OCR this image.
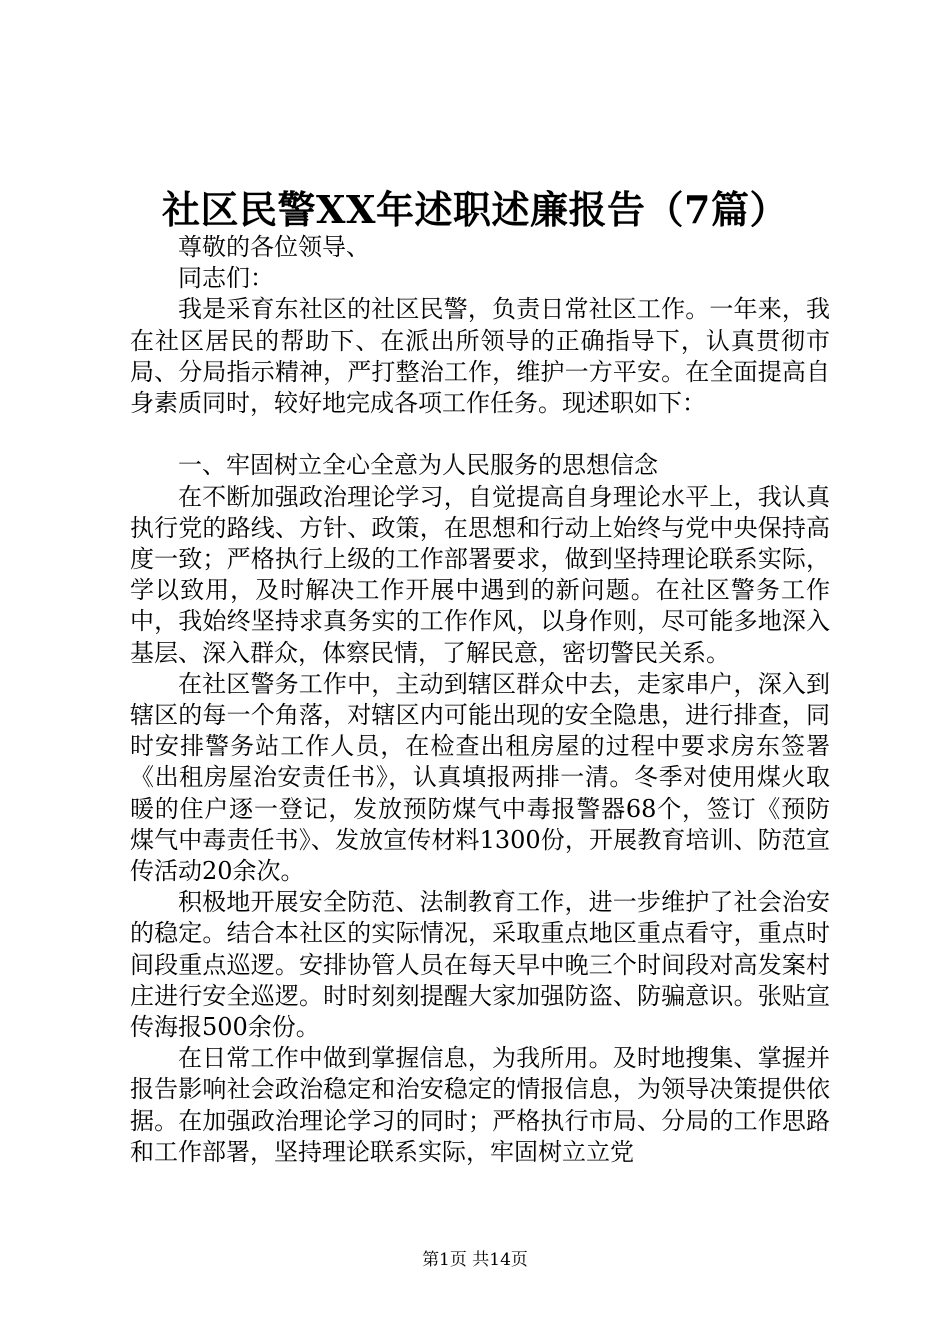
社区民警XX年述职述廉报告（7篇）

尊敬的各位领导、

同志们：

我是采育东社区的社区民警，负责日常社区工作。一年来，我在社区居民的帮助下、在派出所领导的正确指导下，认真贯彻市局、分局指示精神，严打整治工作，维护一方平安。在全面提高自身素质同时，较好地完成各项工作任务。现述职如下：

一、牢固树立全心全意为人民服务的思想信念

在不断加强政治理论学习，自觉提高自身理论水平上，我认真执行党的路线、方针、政策，在思想和行动上始终与党中央保持高度一致；严格执行上级的工作部署要求，做到坚持理论联系实际，学以致用，及时解决工作开展中遇到的新问题。在社区警务工作中，我始终坚持求真务实的工作作风，以身作则，尽可能多地深入基层、深入群众，体察民情，了解民意，密切警民关系。

在社区警务工作中，主动到辖区群众中去，走家串户，深入到辖区的每一个角落，对辖区内可能出现的安全隐患，进行排查，同时安排警务站工作人员，在检查出租房屋的过程中要求房东签署《出租房屋治安责任书》，认真填报两排一清。冬季对使用煤火取暖的住户逐一登记，发放预防煤气中毒报警器68个，签订《预防煤气中毒责任书》、发放宣传材料1300份，开展教育培训、防范宣传活动20余次。

积极地开展安全防范、法制教育工作，进一步维护了社会治安的稳定。结合本社区的实际情况，采取重点地区重点看守，重点时间段重点巡逻。安排协管人员在每天早中晚三个时间段对高发案村庄进行安全巡逻。时时刻刻提醒大家加强防盗、防骗意识。张贴宣传海报500余份。

在日常工作中做到掌握信息，为我所用。及时地搜集、掌握并报告影响社会政治稳定和治安稳定的情报信息，为领导决策提供依据。在加强政治理论学习的同时；严格执行市局、分局的工作思路和工作部署，坚持理论联系实际，牢固树立立党

第1页 共14页
